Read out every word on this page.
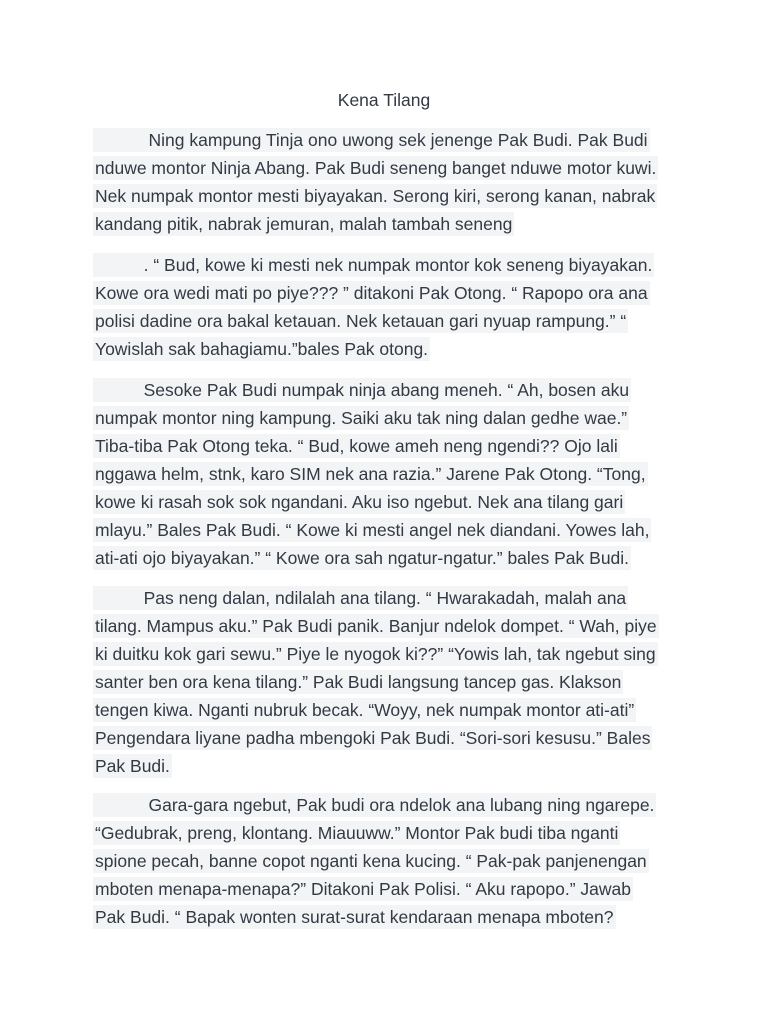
Kena Tilang
Ning kampung Tinja ono uwong sek jenenge Pak Budi. Pak Budi
nduwe montor Ninja Abang. Pak Budi seneng banget nduwe motor kuwi.
Nek numpak montor mesti biyayakan. Serong kiri, serong kanan, nabrak
kandang pitik, nabrak jemuran, malah tambah seneng
. “ Bud, kowe ki mesti nek numpak montor kok seneng biyayakan.
Kowe ora wedi mati po piye??? ” ditakoni Pak Otong. “ Rapopo ora ana
polisi dadine ora bakal ketauan. Nek ketauan gari nyuap rampung.” “
Yowislah sak bahagiamu.”bales Pak otong.
Sesoke Pak Budi numpak ninja abang meneh. “ Ah, bosen aku
numpak montor ning kampung. Saiki aku tak ning dalan gedhe wae.”
Tiba-tiba Pak Otong teka. “ Bud, kowe ameh neng ngendi?? Ojo lali
nggawa helm, stnk, karo SIM nek ana razia.” Jarene Pak Otong. “Tong,
kowe ki rasah sok sok ngandani. Aku iso ngebut. Nek ana tilang gari
mlayu.” Bales Pak Budi. “ Kowe ki mesti angel nek diandani. Yowes lah,
ati-ati ojo biyayakan.” “ Kowe ora sah ngatur-ngatur.” bales Pak Budi.
Pas neng dalan, ndilalah ana tilang. “ Hwarakadah, malah ana
tilang. Mampus aku.” Pak Budi panik. Banjur ndelok dompet. “ Wah, piye
ki duitku kok gari sewu.” Piye le nyogok ki??” “Yowis lah, tak ngebut sing
santer ben ora kena tilang.” Pak Budi langsung tancep gas. Klakson
tengen kiwa. Nganti nubruk becak. “Woyy, nek numpak montor ati-ati”
Pengendara liyane padha mbengoki Pak Budi. “Sori-sori kesusu.” Bales
Pak Budi.
Gara-gara ngebut, Pak budi ora ndelok ana lubang ning ngarepe.
“Gedubrak, preng, klontang. Miauuww.” Montor Pak budi tiba nganti
spione pecah, banne copot nganti kena kucing. “ Pak-pak panjenengan
mboten menapa-menapa?” Ditakoni Pak Polisi. “ Aku rapopo.” Jawab
Pak Budi. “ Bapak wonten surat-surat kendaraan menapa mboten?
